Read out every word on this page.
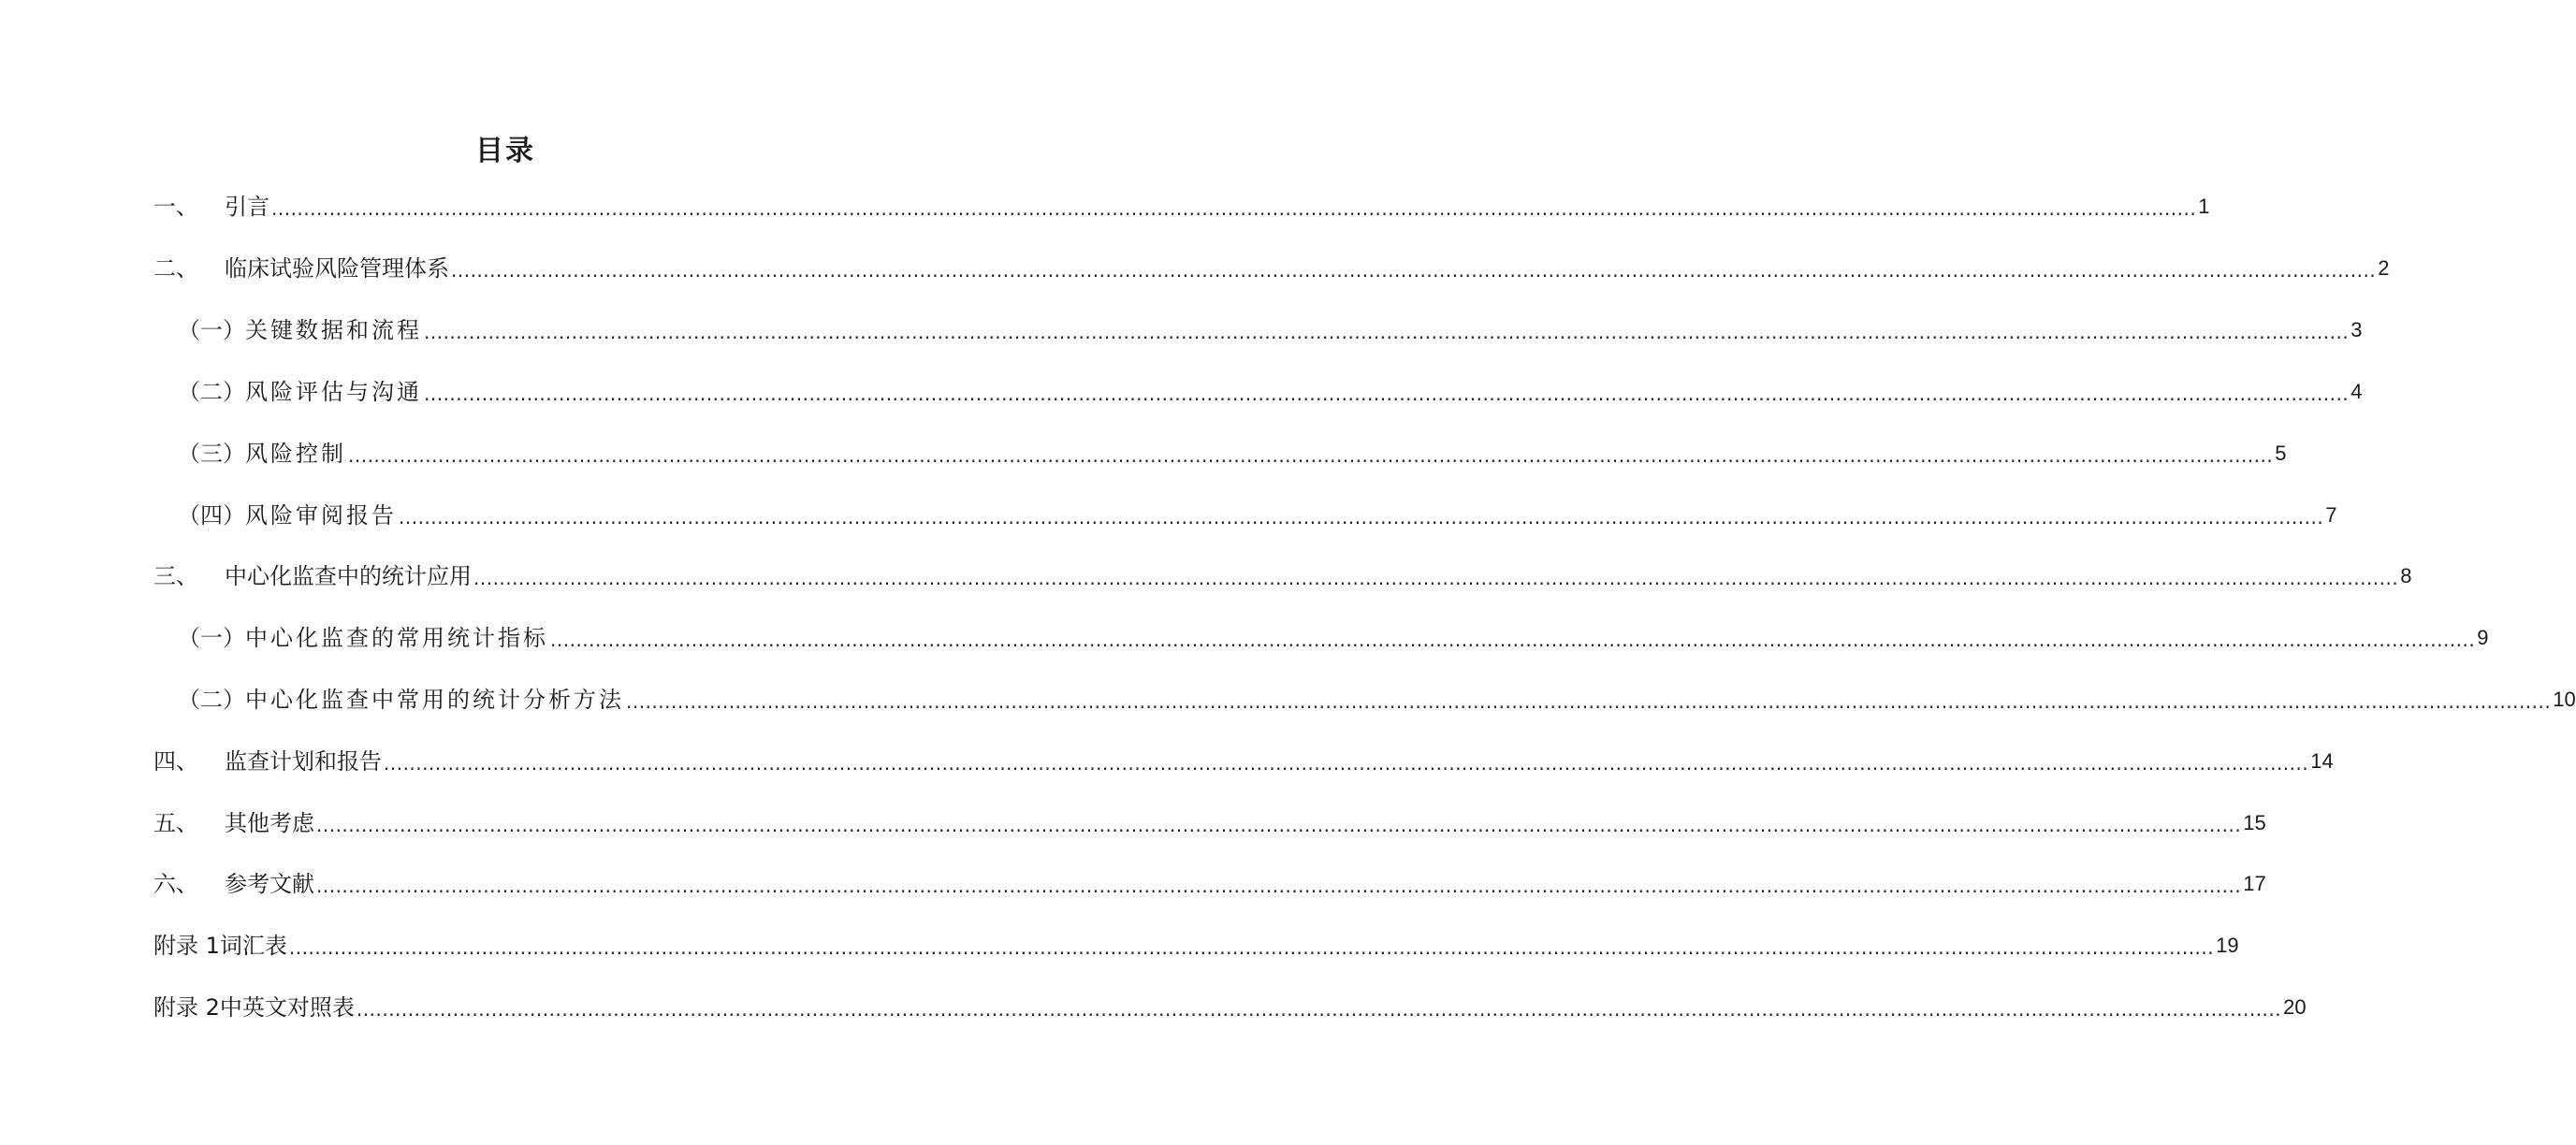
目录
一、	引言 ............................................................................................................................................................................................................................................................................................................ 1
二、	临床试验风险管理体系 ............................................................................................................................................................................................................................................................................................................ 2
（一） 关键数据和流程 ............................................................................................................................................................................................................................................................................................................ 3
（二） 风险评估与沟通 ............................................................................................................................................................................................................................................................................................................ 4
（三） 风险控制 ............................................................................................................................................................................................................................................................................................................ 5
（四） 风险审阅报告 ............................................................................................................................................................................................................................................................................................................ 7
三、	中心化监查中的统计应用 ............................................................................................................................................................................................................................................................................................................ 8
（一） 中心化监查的常用统计指标 ............................................................................................................................................................................................................................................................................................................ 9
（二） 中心化监查中常用的统计分析方法 ............................................................................................................................................................................................................................................................................................................ 10
四、	监查计划和报告 ............................................................................................................................................................................................................................................................................................................ 14
五、	其他考虑 ............................................................................................................................................................................................................................................................................................................ 15
六、	参考文献 ............................................................................................................................................................................................................................................................................................................ 17
附录 1 词汇表 ............................................................................................................................................................................................................................................................................................................ 19
附录 2 中英文对照表 ............................................................................................................................................................................................................................................................................................................ 20
